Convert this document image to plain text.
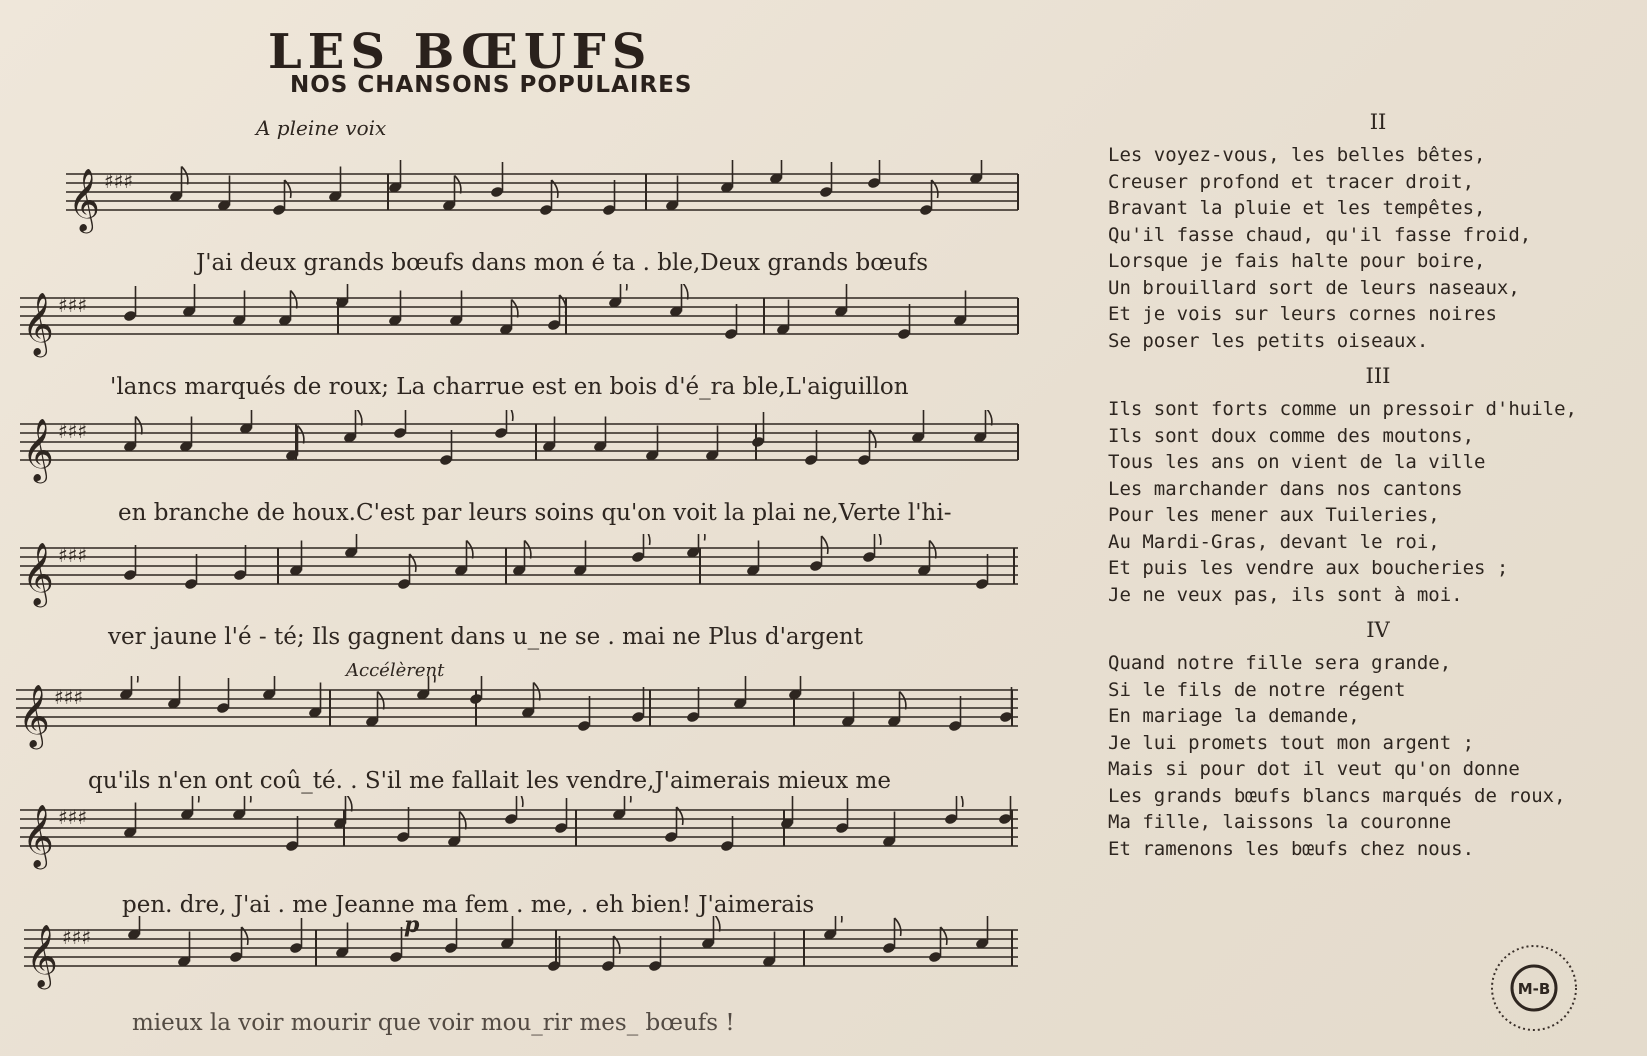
LES BŒUFS
NOS CHANSONS POPULAIRES
A pleine voix
Accélèrent
𝄞 ♯♯♯
𝄞 ♯♯♯
𝄞 ♯♯♯
𝄞 ♯♯♯
𝄞 ♯♯♯
𝄞 ♯♯♯
𝄞 ♯♯♯
J'ai deux grands bœufs dans mon é ta . ble,Deux grands bœufs
'lancs marqués de roux; La charrue est en bois d'é_ra ble,L'aiguillon
en branche de houx.C'est par leurs soins qu'on voit la plai ne,Verte l'hi-
ver jaune l'é - té; Ils gagnent dans u_ne se . mai ne Plus d'argent
qu'ils n'en ont coû_té. . S'il me fallait les vendre,J'aimerais mieux me
pen. dre, J'ai . me Jeanne ma fem . me, . eh bien! J'aimerais
mieux la voir mourir que voir mou_rir mes_ bœufs !
p
II
Les voyez-vous, les belles bêtes,
Creuser profond et tracer droit,
Bravant la pluie et les tempêtes,
Qu'il fasse chaud, qu'il fasse froid,
Lorsque je fais halte pour boire,
Un brouillard sort de leurs naseaux,
Et je vois sur leurs cornes noires
Se poser les petits oiseaux.
III
Ils sont forts comme un pressoir d'huile,
Ils sont doux comme des moutons,
Tous les ans on vient de la ville
Les marchander dans nos cantons
Pour les mener aux Tuileries,
Au Mardi-Gras, devant le roi,
Et puis les vendre aux boucheries ;
Je ne veux pas, ils sont à moi.
IV
Quand notre fille sera grande,
Si le fils de notre régent
En mariage la demande,
Je lui promets tout mon argent ;
Mais si pour dot il veut qu'on donne
Les grands bœufs blancs marqués de roux,
Ma fille, laissons la couronne
Et ramenons les bœufs chez nous.
M-B
